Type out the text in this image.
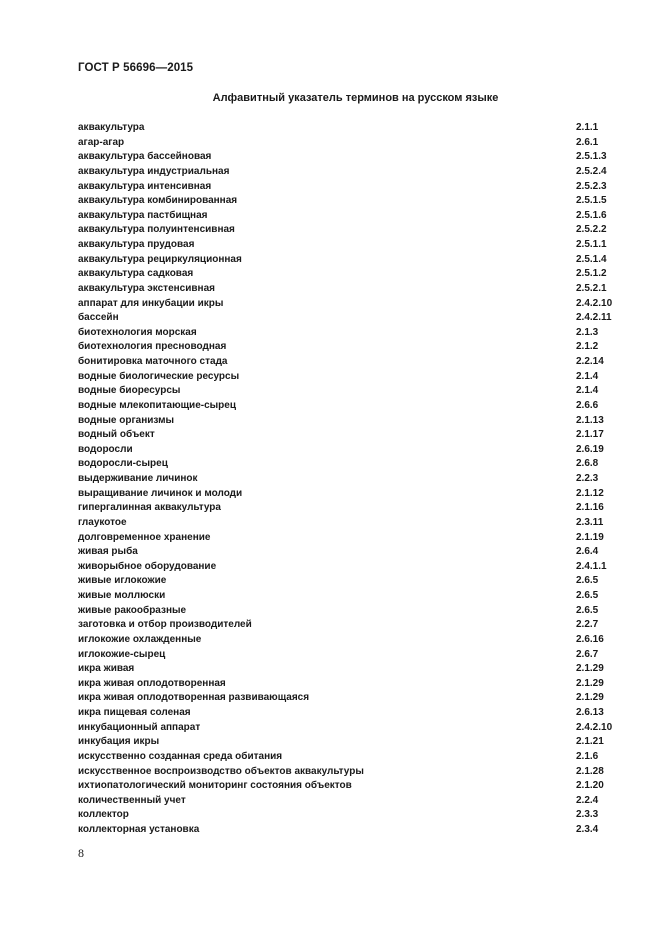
ГОСТ Р 56696—2015
Алфавитный указатель терминов на русском языке
аквакультура	2.1.1
агар-агар	2.6.1
аквакультура бассейновая	2.5.1.3
аквакультура индустриальная	2.5.2.4
аквакультура интенсивная	2.5.2.3
аквакультура комбинированная	2.5.1.5
аквакультура пастбищная	2.5.1.6
аквакультура полуинтенсивная	2.5.2.2
аквакультура прудовая	2.5.1.1
аквакультура рециркуляционная	2.5.1.4
аквакультура садковая	2.5.1.2
аквакультура экстенсивная	2.5.2.1
аппарат для инкубации икры	2.4.2.10
бассейн	2.4.2.11
биотехнология морская	2.1.3
биотехнология пресноводная	2.1.2
бонитировка маточного стада	2.2.14
водные биологические ресурсы	2.1.4
водные биоресурсы	2.1.4
водные млекопитающие-сырец	2.6.6
водные организмы	2.1.13
водный объект	2.1.17
водоросли	2.6.19
водоросли-сырец	2.6.8
выдерживание личинок	2.2.3
выращивание личинок и молоди	2.1.12
гипергалинная аквакультура	2.1.16
глаукотое	2.3.11
долговременное хранение	2.1.19
живая рыба	2.6.4
живорыбное оборудование	2.4.1.1
живые иглокожие	2.6.5
живые моллюски	2.6.5
живые ракообразные	2.6.5
заготовка и отбор производителей	2.2.7
иглокожие охлажденные	2.6.16
иглокожие-сырец	2.6.7
икра живая	2.1.29
икра живая оплодотворенная	2.1.29
икра живая оплодотворенная развивающаяся	2.1.29
икра пищевая соленая	2.6.13
инкубационный аппарат	2.4.2.10
инкубация икры	2.1.21
искусственно созданная среда обитания	2.1.6
искусственное воспроизводство объектов аквакультуры	2.1.28
ихтиопатологический мониторинг состояния объектов	2.1.20
количественный учет	2.2.4
коллектор	2.3.3
коллекторная установка	2.3.4
8
